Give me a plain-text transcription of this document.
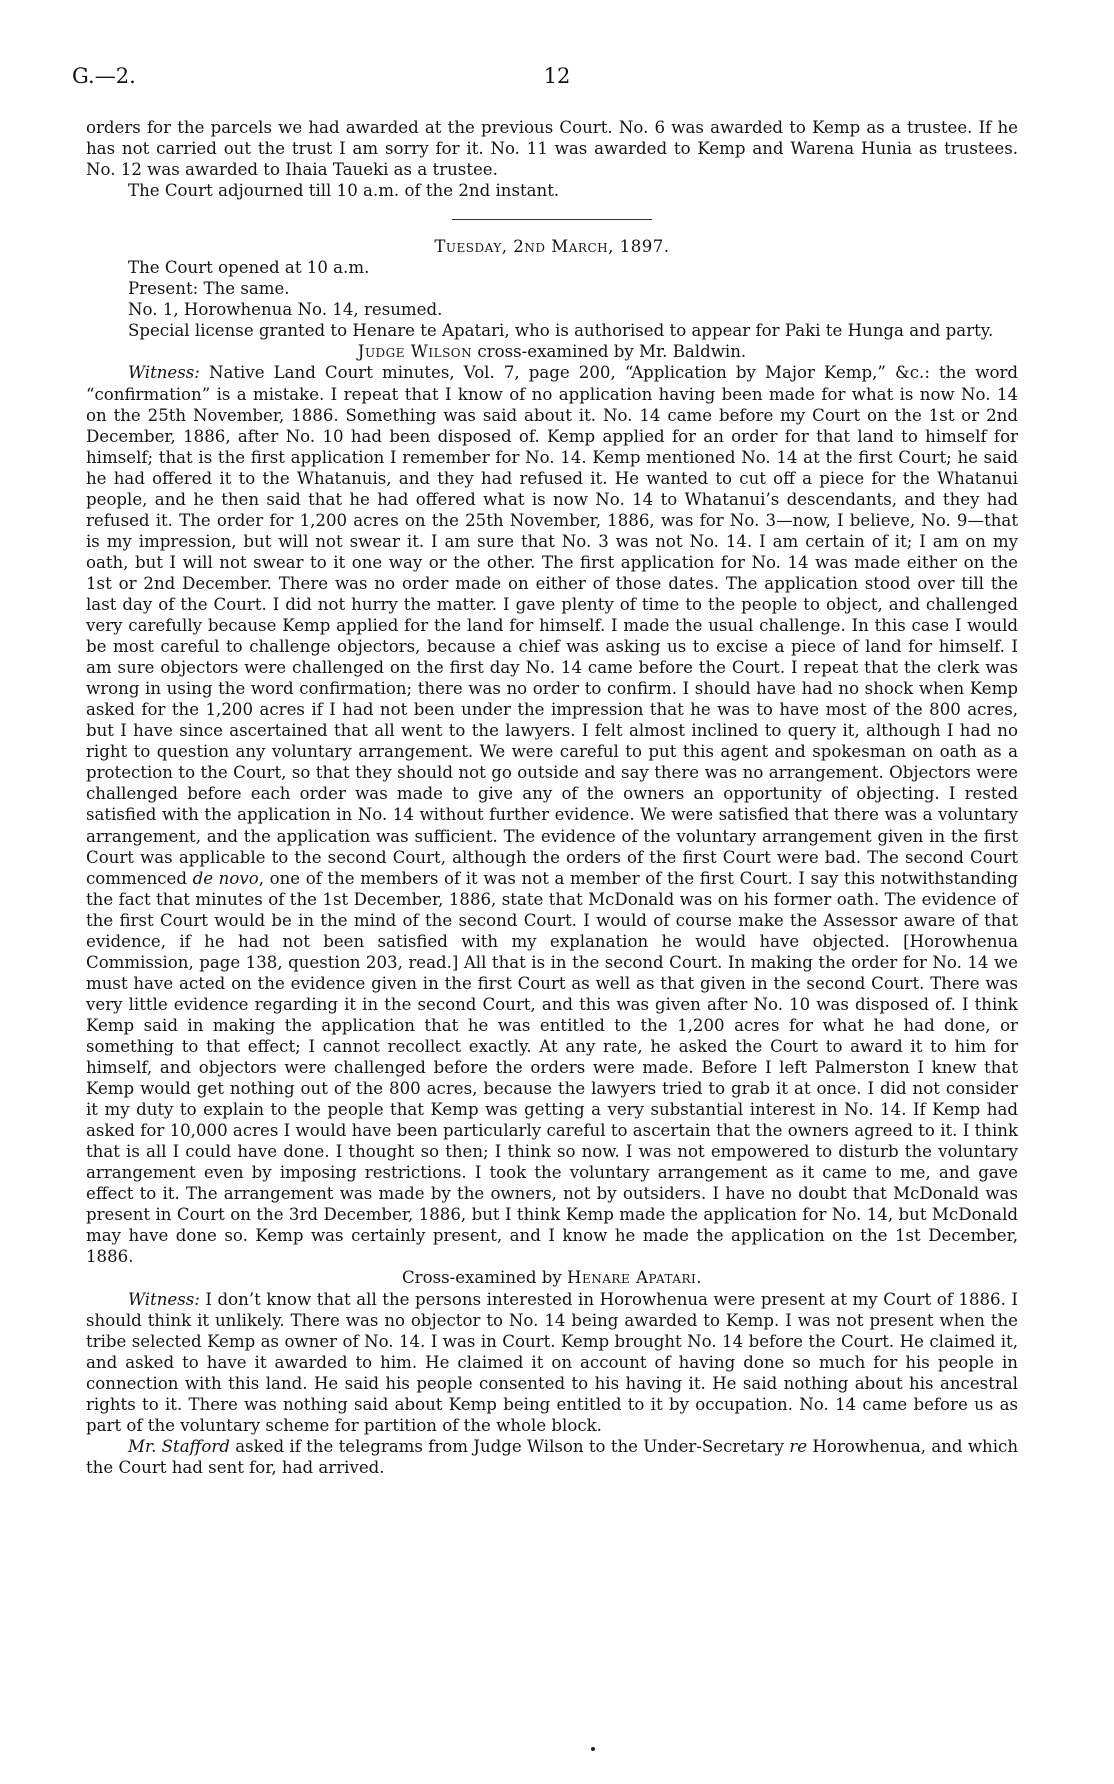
G.—2.	12

orders for the parcels we had awarded at the previous Court. No. 6 was awarded to Kemp as a trustee. If he has not carried out the trust I am sorry for it. No. 11 was awarded to Kemp and Warena Hunia as trustees. No. 12 was awarded to Ihaia Taueki as a trustee.

The Court adjourned till 10 a.m. of the 2nd instant.

Tuesday, 2nd March, 1897.

The Court opened at 10 a.m.

Present: The same.

No. 1, Horowhenua No. 14, resumed.

Special license granted to Henare te Apatari, who is authorised to appear for Paki te Hunga and party.

Judge Wilson cross-examined by Mr. Baldwin.

Witness: Native Land Court minutes, Vol. 7, page 200, “Application by Major Kemp,” &c.: the word “confirmation” is a mistake. I repeat that I know of no application having been made for what is now No. 14 on the 25th November, 1886. Something was said about it. No. 14 came before my Court on the 1st or 2nd December, 1886, after No. 10 had been disposed of. Kemp applied for an order for that land to himself for himself; that is the first application I remember for No. 14. Kemp mentioned No. 14 at the first Court; he said he had offered it to the Whatanuis, and they had refused it. He wanted to cut off a piece for the Whatanui people, and he then said that he had offered what is now No. 14 to Whatanui’s descendants, and they had refused it. The order for 1,200 acres on the 25th November, 1886, was for No. 3—now, I believe, No. 9—that is my impression, but will not swear it. I am sure that No. 3 was not No. 14. I am certain of it; I am on my oath, but I will not swear to it one way or the other. The first application for No. 14 was made either on the 1st or 2nd December. There was no order made on either of those dates. The application stood over till the last day of the Court. I did not hurry the matter. I gave plenty of time to the people to object, and challenged very carefully because Kemp applied for the land for himself. I made the usual challenge. In this case I would be most careful to challenge objectors, because a chief was asking us to excise a piece of land for himself. I am sure objectors were challenged on the first day No. 14 came before the Court. I repeat that the clerk was wrong in using the word confirmation; there was no order to confirm. I should have had no shock when Kemp asked for the 1,200 acres if I had not been under the impression that he was to have most of the 800 acres, but I have since ascertained that all went to the lawyers. I felt almost inclined to query it, although I had no right to question any voluntary arrangement. We were careful to put this agent and spokesman on oath as a protection to the Court, so that they should not go outside and say there was no arrangement. Objectors were challenged before each order was made to give any of the owners an opportunity of objecting. I rested satisfied with the application in No. 14 without further evidence. We were satisfied that there was a voluntary arrangement, and the application was sufficient. The evidence of the voluntary arrangement given in the first Court was applicable to the second Court, although the orders of the first Court were bad. The second Court commenced de novo, one of the members of it was not a member of the first Court. I say this notwithstanding the fact that minutes of the 1st December, 1886, state that McDonald was on his former oath. The evidence of the first Court would be in the mind of the second Court. I would of course make the Assessor aware of that evidence, if he had not been satisfied with my explanation he would have objected. [Horowhenua Commission, page 138, question 203, read.] All that is in the second Court. In making the order for No. 14 we must have acted on the evidence given in the first Court as well as that given in the second Court. There was very little evidence regarding it in the second Court, and this was given after No. 10 was disposed of. I think Kemp said in making the application that he was entitled to the 1,200 acres for what he had done, or something to that effect; I cannot recollect exactly. At any rate, he asked the Court to award it to him for himself, and objectors were challenged before the orders were made. Before I left Palmerston I knew that Kemp would get nothing out of the 800 acres, because the lawyers tried to grab it at once. I did not consider it my duty to explain to the people that Kemp was getting a very substantial interest in No. 14. If Kemp had asked for 10,000 acres I would have been particularly careful to ascertain that the owners agreed to it. I think that is all I could have done. I thought so then; I think so now. I was not empowered to disturb the voluntary arrangement even by imposing restrictions. I took the voluntary arrangement as it came to me, and gave effect to it. The arrangement was made by the owners, not by outsiders. I have no doubt that McDonald was present in Court on the 3rd December, 1886, but I think Kemp made the application for No. 14, but McDonald may have done so. Kemp was certainly present, and I know he made the application on the 1st December, 1886.

Cross-examined by Henare Apatari.

Witness: I don’t know that all the persons interested in Horowhenua were present at my Court of 1886. I should think it unlikely. There was no objector to No. 14 being awarded to Kemp. I was not present when the tribe selected Kemp as owner of No. 14. I was in Court. Kemp brought No. 14 before the Court. He claimed it, and asked to have it awarded to him. He claimed it on account of having done so much for his people in connection with this land. He said his people consented to his having it. He said nothing about his ancestral rights to it. There was nothing said about Kemp being entitled to it by occupation. No. 14 came before us as part of the voluntary scheme for partition of the whole block.

Mr. Stafford asked if the telegrams from Judge Wilson to the Under-Secretary re Horowhenua, and which the Court had sent for, had arrived.
